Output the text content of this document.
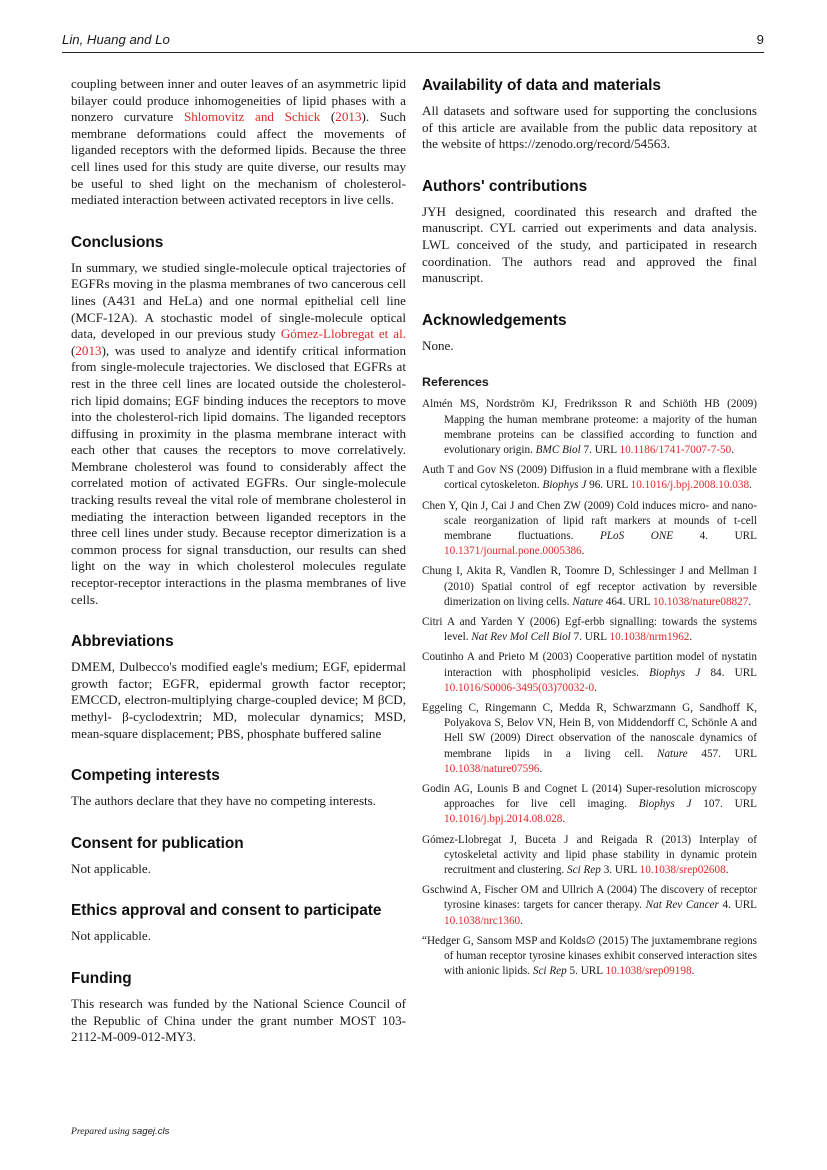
Lin, Huang and Lo	9

coupling between inner and outer leaves of an asymmetric lipid bilayer could produce inhomogeneities of lipid phases with a nonzero curvature Shlomovitz and Schick (2013). Such membrane deformations could affect the movements of liganded receptors with the deformed lipids. Because the three cell lines used for this study are quite diverse, our results may be useful to shed light on the mechanism of cholesterol-mediated interaction between activated receptors in live cells.

Conclusions

In summary, we studied single-molecule optical trajectories of EGFRs moving in the plasma membranes of two cancerous cell lines (A431 and HeLa) and one normal epithelial cell line (MCF-12A). A stochastic model of single-molecule optical data, developed in our previous study Gómez-Llobregat et al. (2013), was used to analyze and identify critical information from single-molecule trajectories. We disclosed that EGFRs at rest in the three cell lines are located outside the cholesterol-rich lipid domains; EGF binding induces the receptors to move into the cholesterol-rich lipid domains. The liganded receptors diffusing in proximity in the plasma membrane interact with each other that causes the receptors to move correlatively. Membrane cholesterol was found to considerably affect the correlated motion of activated EGFRs. Our single-molecule tracking results reveal the vital role of membrane cholesterol in mediating the interaction between liganded receptors in the three cell lines under study. Because receptor dimerization is a common process for signal transduction, our results can shed light on the way in which cholesterol molecules regulate receptor-receptor interactions in the plasma membranes of live cells.

Abbreviations

DMEM, Dulbecco's modified eagle's medium; EGF, epidermal growth factor; EGFR, epidermal growth factor receptor; EMCCD, electron-multiplying charge-coupled device; M βCD, methyl- β-cyclodextrin; MD, molecular dynamics; MSD, mean-square displacement; PBS, phosphate buffered saline

Competing interests

The authors declare that they have no competing interests.

Consent for publication

Not applicable.

Ethics approval and consent to participate

Not applicable.

Funding

This research was funded by the National Science Council of the Republic of China under the grant number MOST 103-2112-M-009-012-MY3.

Availability of data and materials

All datasets and software used for supporting the conclusions of this article are available from the public data repository at the website of https://zenodo.org/record/54563.

Authors' contributions

JYH designed, coordinated this research and drafted the manuscript. CYL carried out experiments and data analysis. LWL conceived of the study, and participated in research coordination. The authors read and approved the final manuscript.

Acknowledgements

None.

References

Almén MS, Nordström KJ, Fredriksson R and Schiöth HB (2009) Mapping the human membrane proteome: a majority of the human membrane proteins can be classified according to function and evolutionary origin. BMC Biol 7. URL 10.1186/1741-7007-7-50.

Auth T and Gov NS (2009) Diffusion in a fluid membrane with a flexible cortical cytoskeleton. Biophys J 96. URL 10.1016/j.bpj.2008.10.038.

Chen Y, Qin J, Cai J and Chen ZW (2009) Cold induces micro- and nano-scale reorganization of lipid raft markers at mounds of t-cell membrane fluctuations. PLoS ONE 4. URL 10.1371/journal.pone.0005386.

Chung I, Akita R, Vandlen R, Toomre D, Schlessinger J and Mellman I (2010) Spatial control of egf receptor activation by reversible dimerization on living cells. Nature 464. URL 10.1038/nature08827.

Citri A and Yarden Y (2006) Egf-erbb signalling: towards the systems level. Nat Rev Mol Cell Biol 7. URL 10.1038/nrm1962.

Coutinho A and Prieto M (2003) Cooperative partition model of nystatin interaction with phospholipid vesicles. Biophys J 84. URL 10.1016/S0006-3495(03)70032-0.

Eggeling C, Ringemann C, Medda R, Schwarzmann G, Sandhoff K, Polyakova S, Belov VN, Hein B, von Middendorff C, Schönle A and Hell SW (2009) Direct observation of the nanoscale dynamics of membrane lipids in a living cell. Nature 457. URL 10.1038/nature07596.

Godin AG, Lounis B and Cognet L (2014) Super-resolution microscopy approaches for live cell imaging. Biophys J 107. URL 10.1016/j.bpj.2014.08.028.

Gómez-Llobregat J, Buceta J and Reigada R (2013) Interplay of cytoskeletal activity and lipid phase stability in dynamic protein recruitment and clustering. Sci Rep 3. URL 10.1038/srep02608.

Gschwind A, Fischer OM and Ullrich A (2004) The discovery of receptor tyrosine kinases: targets for cancer therapy. Nat Rev Cancer 4. URL 10.1038/nrc1360.

“Hedger G, Sansom MSP and Kolds∅ (2015) The juxtamembrane regions of human receptor tyrosine kinases exhibit conserved interaction sites with anionic lipids. Sci Rep 5. URL 10.1038/srep09198.

Prepared using sagej.cls
